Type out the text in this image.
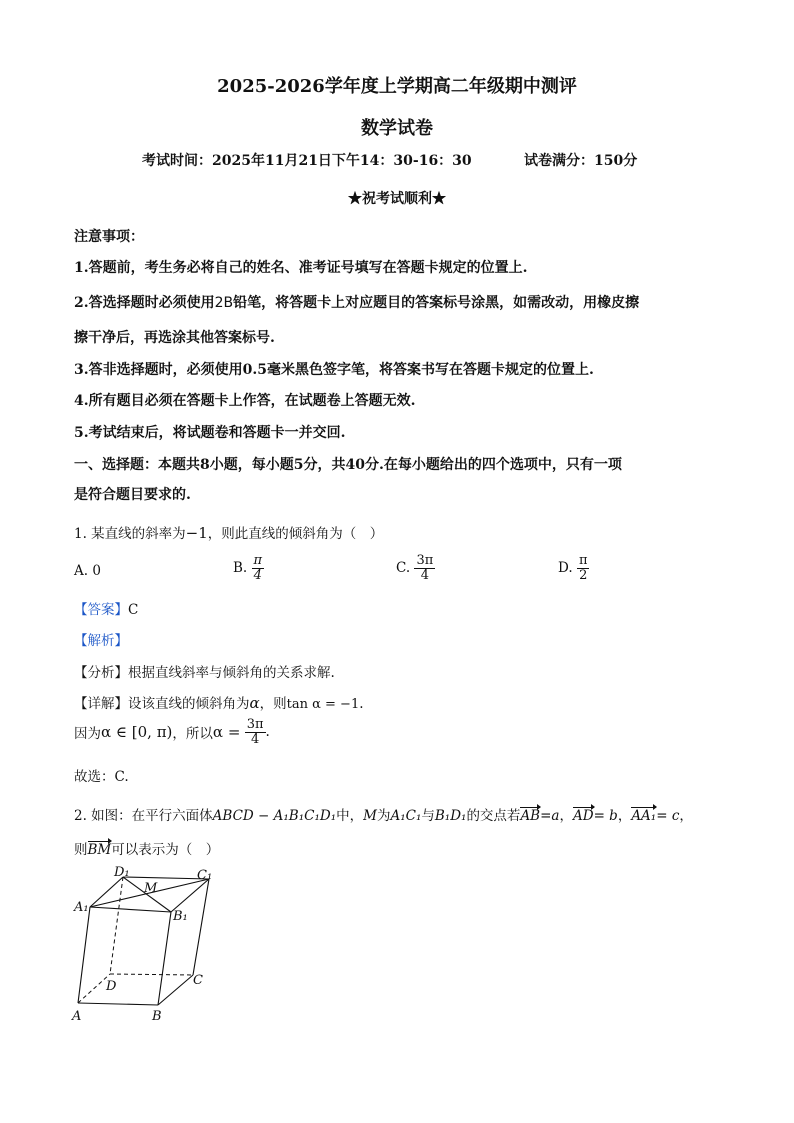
2025-2026学年度上学期高二年级期中测评
数学试卷
考试时间：2025年11月21日下午14：30-16：30	试卷满分：150分
★祝考试顺利★
注意事项：
1.答题前，考生务必将自己的姓名、准考证号填写在答题卡规定的位置上.
2.答选择题时必须使用2B铅笔，将答题卡上对应题目的答案标号涂黑，如需改动，用橡皮擦
擦干净后，再选涂其他答案标号.
3.答非选择题时，必须使用0.5毫米黑色签字笔，将答案书写在答题卡规定的位置上.
4.所有题目必须在答题卡上作答，在试题卷上答题无效.
5.考试结束后，将试题卷和答题卡一并交回.
一、选择题：本题共8小题，每小题5分，共40分.在每小题给出的四个选项中，只有一项
是符合题目要求的.
1. 某直线的斜率为−1，则此直线的倾斜角为（　）
A. 0	B.
$\frac{\pi}{4}$	C.
$\frac{3\pi}{4}$	D.
$\frac{\pi}{2}$
【答案】C
【解析】
【分析】根据直线斜率与倾斜角的关系求解.
【详解】设该直线的倾斜角为α，则tan α = −1.
因为 α ∈ [0, π) ，所以 α =
$\frac{3\pi}{4}$ .
故选：C.
2. 如图：在平行六面体ABCD − A₁B₁C₁D₁中，M为A₁C₁与B₁D₁的交点若AB=a，AD= b，AA₁= c，
则BM可以表示为（　）
D₁
M
C₁
A₁
B₁
D	C
A	B
